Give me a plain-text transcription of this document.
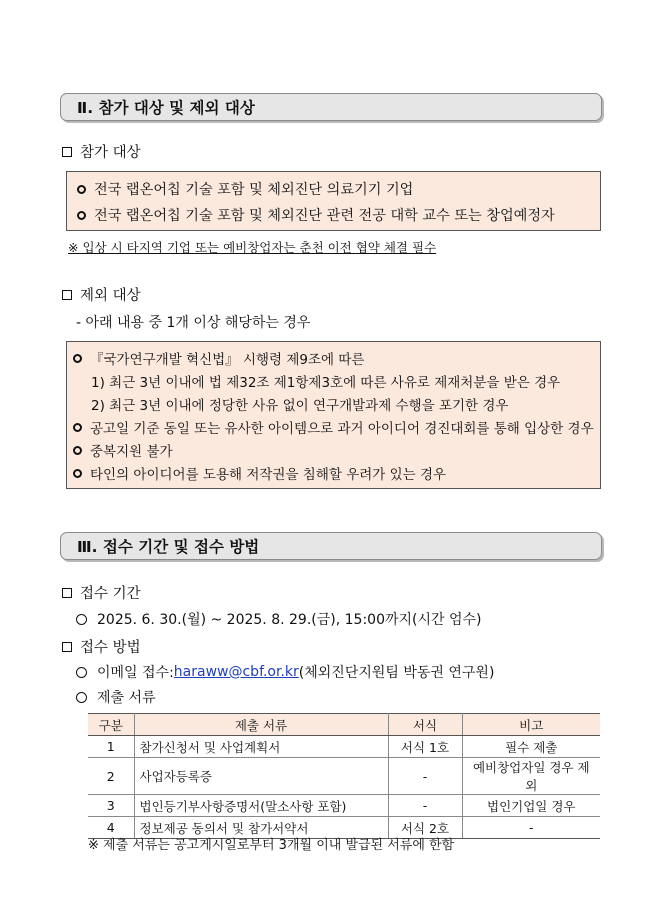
Ⅱ. 참가 대상 및 제외 대상
참가 대상
전국 랩온어칩 기술 포함 및 체외진단 의료기기 기업
전국 랩온어칩 기술 포함 및 체외진단 관련 전공 대학 교수 또는 창업예정자
※ 입상 시 타지역 기업 또는 예비창업자는 춘천 이전 협약 체결 필수
제외 대상
- 아래 내용 중 1개 이상 해당하는 경우
『국가연구개발 혁신법』 시행령 제9조에 따른
1) 최근 3년 이내에 법 제32조 제1항제3호에 따른 사유로 제재처분을 받은 경우
2) 최근 3년 이내에 정당한 사유 없이 연구개발과제 수행을 포기한 경우
공고일 기준 동일 또는 유사한 아이템으로 과거 아이디어 경진대회를 통해 입상한 경우
중복지원 불가
타인의 아이디어를 도용해 저작권을 침해할 우려가 있는 경우
Ⅲ. 접수 기간 및 접수 방법
접수 기간
2025. 6. 30.(월) ~ 2025. 8. 29.(금), 15:00까지(시간 엄수)
접수 방법
이메일 접수: haraww@cbf.or.kr (체외진단지원팀 박동권 연구원)
제출 서류
구분	제출 서류	서식	비고
1	참가신청서 및 사업계획서	서식 1호	필수 제출
2	사업자등록증	-	예비창업자일 경우 제외
3	법인등기부사항증명서(말소사항 포함)	-	법인기업일 경우
4	정보제공 동의서 및 참가서약서	서식 2호	-
※ 제출 서류는 공고게시일로부터 3개월 이내 발급된 서류에 한함
